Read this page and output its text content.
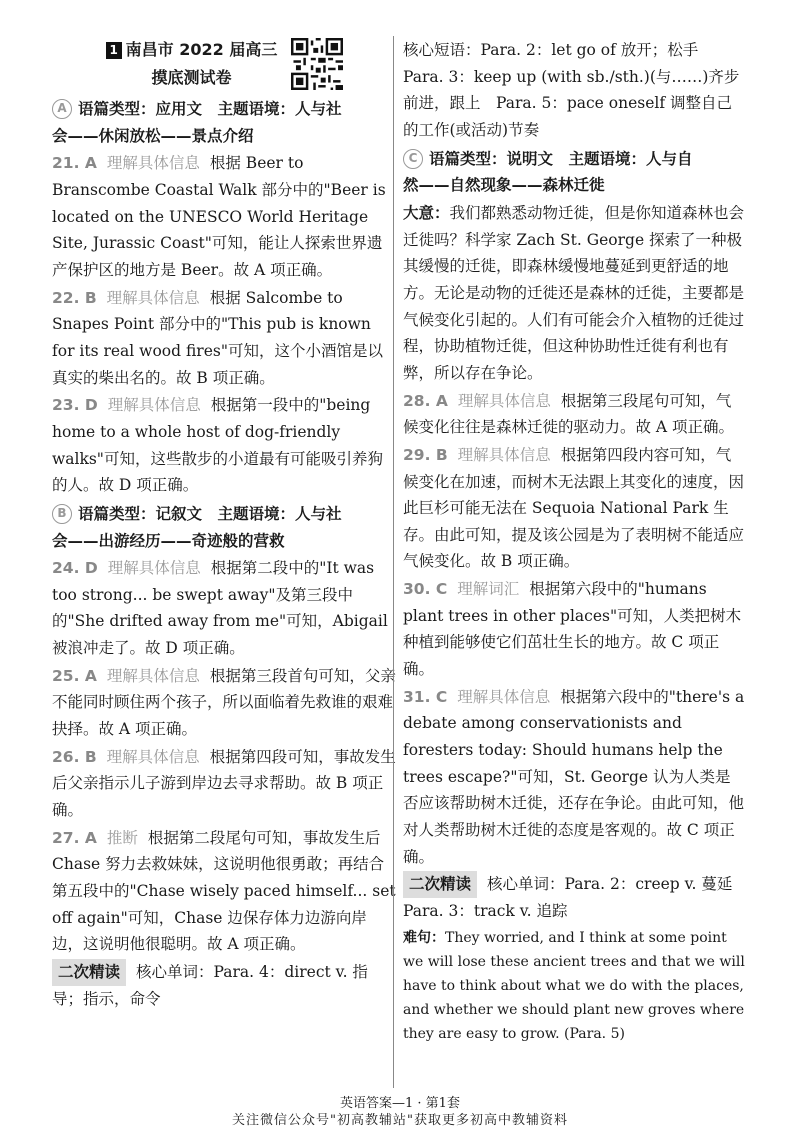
1 南昌市 2022 届高三
摸底测试卷
A 语篇类型：应用文　主题语境：人与社
会——休闲放松——景点介绍
21. A 理解具体信息 根据 Beer to Branscombe Coastal Walk 部分中的"Beer is located on the UNESCO World Heritage Site, Jurassic Coast"可知，能让人探索世界遗产保护区的地方是 Beer。故 A 项正确。
22. B 理解具体信息 根据 Salcombe to Snapes Point 部分中的"This pub is known for its real wood fires"可知，这个小酒馆是以真实的柴出名的。故 B 项正确。
23. D 理解具体信息 根据第一段中的"being home to a whole host of dog-friendly walks"可知，这些散步的小道最有可能吸引养狗的人。故 D 项正确。
B 语篇类型：记叙文　主题语境：人与社
会——出游经历——奇迹般的营救
24. D 理解具体信息 根据第二段中的"It was too strong... be swept away"及第三段中的"She drifted away from me"可知，Abigail 被浪冲走了。故 D 项正确。
25. A 理解具体信息 根据第三段首句可知，父亲不能同时顾住两个孩子，所以面临着先救谁的艰难抉择。故 A 项正确。
26. B 理解具体信息 根据第四段可知，事故发生后父亲指示儿子游到岸边去寻求帮助。故 B 项正确。
27. A 推断 根据第二段尾句可知，事故发生后 Chase 努力去救妹妹，这说明他很勇敢；再结合第五段中的"Chase wisely paced himself... set off again"可知，Chase 边保存体力边游向岸边，这说明他很聪明。故 A 项正确。
二次精读 核心单词：Para. 4：direct v. 指导；指示，命令
核心短语：Para. 2：let go of 放开；松手　Para. 3：keep up (with sb./sth.)(与……)齐步前进，跟上　Para. 5：pace oneself 调整自己的工作(或活动)节奏
C 语篇类型：说明文　主题语境：人与自
然——自然现象——森林迁徙
大意：我们都熟悉动物迁徙，但是你知道森林也会迁徙吗？科学家 Zach St. George 探索了一种极其缓慢的迁徙，即森林缓慢地蔓延到更舒适的地方。无论是动物的迁徙还是森林的迁徙，主要都是气候变化引起的。人们有可能会介入植物的迁徙过程，协助植物迁徙，但这种协助性迁徙有利也有弊，所以存在争论。
28. A 理解具体信息 根据第三段尾句可知，气候变化往往是森林迁徙的驱动力。故 A 项正确。
29. B 理解具体信息 根据第四段内容可知，气候变化在加速，而树木无法跟上其变化的速度，因此巨杉可能无法在 Sequoia National Park 生存。由此可知，提及该公园是为了表明树不能适应气候变化。故 B 项正确。
30. C 理解词汇 根据第六段中的"humans plant trees in other places"可知，人类把树木种植到能够使它们茁壮生长的地方。故 C 项正确。
31. C 理解具体信息 根据第六段中的"there's a debate among conservationists and foresters today: Should humans help the trees escape?"可知，St. George 认为人类是否应该帮助树木迁徙，还存在争论。由此可知，他对人类帮助树木迁徙的态度是客观的。故 C 项正确。
二次精读 核心单词：Para. 2：creep v. 蔓延　Para. 3：track v. 追踪
难句：They worried, and I think at some point we will lose these ancient trees and that we will have to think about what we do with the places, and whether we should plant new groves where they are easy to grow. (Para. 5)
英语答案—1 · 第1套
关注微信公众号"初高教辅站"获取更多初高中教辅资料
